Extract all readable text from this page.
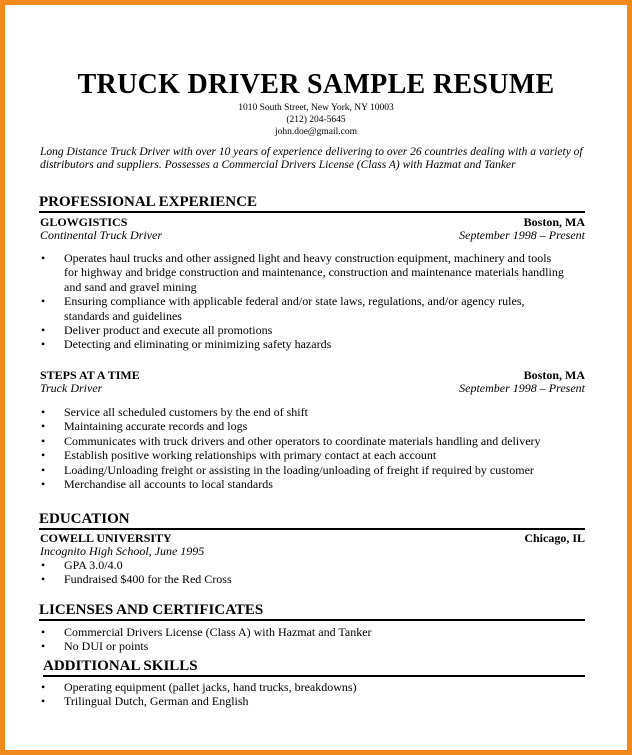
TRUCK DRIVER SAMPLE RESUME
1010 South Street, New York, NY 10003
(212) 204-5645
john.doe@gmail.com
Long Distance Truck Driver with over 10 years of experience delivering to over 26 countries dealing with a variety of distributors and suppliers. Possesses a Commercial Drivers License (Class A) with Hazmat and Tanker
PROFESSIONAL EXPERIENCE
GLOWGISTICS	Boston, MA
Continental Truck Driver	September 1998 – Present
• Operates haul trucks and other assigned light and heavy construction equipment, machinery and tools for highway and bridge construction and maintenance, construction and maintenance materials handling and sand and gravel mining
• Ensuring compliance with applicable federal and/or state laws, regulations, and/or agency rules, standards and guidelines
• Deliver product and execute all promotions
• Detecting and eliminating or minimizing safety hazards
STEPS AT A TIME	Boston, MA
Truck Driver	September 1998 – Present
• Service all scheduled customers by the end of shift
• Maintaining accurate records and logs
• Communicates with truck drivers and other operators to coordinate materials handling and delivery
• Establish positive working relationships with primary contact at each account
• Loading/Unloading freight or assisting in the loading/unloading of freight if required by customer
• Merchandise all accounts to local standards
EDUCATION
COWELL UNIVERSITY	Chicago, IL
Incognito High School, June 1995
• GPA 3.0/4.0
• Fundraised $400 for the Red Cross
LICENSES AND CERTIFICATES
• Commercial Drivers License (Class A) with Hazmat and Tanker
• No DUI or points
ADDITIONAL SKILLS
• Operating equipment (pallet jacks, hand trucks, breakdowns)
• Trilingual Dutch, German and English
